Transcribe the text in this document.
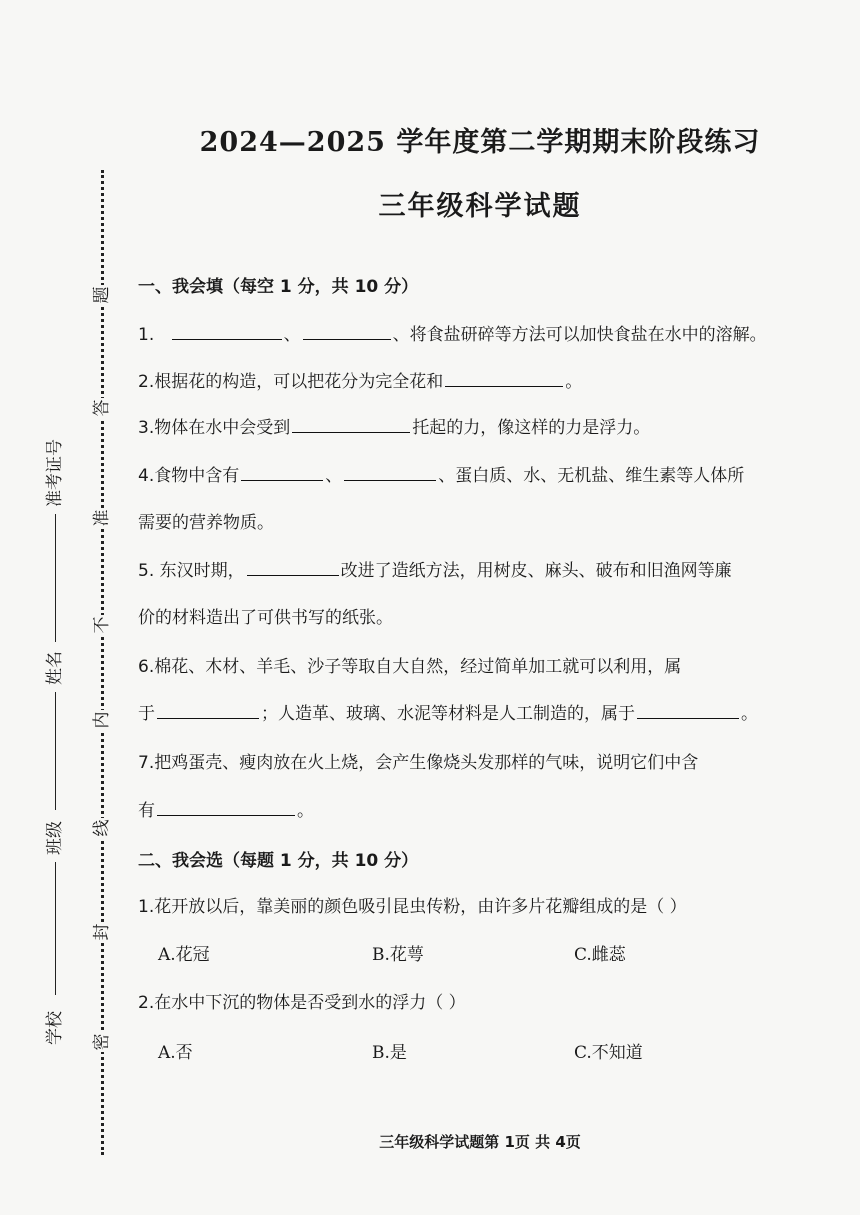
题
答
准
不
内
线
封
密
准考证号
姓名
班级
学校
2024—2025 学年度第二学期期末阶段练习
三年级科学试题
一、我会填（每空 1 分，共 10 分）
1.	、	、将食盐研碎等方法可以加快食盐在水中的溶解。
2.根据花的构造，可以把花分为完全花和	。
3.物体在水中会受到	托起的力，像这样的力是浮力。
4.食物中含有	、	、蛋白质、水、无机盐、维生素等人体所
需要的营养物质。
5. 东汉时期，	改进了造纸方法，用树皮、麻头、破布和旧渔网等廉
价的材料造出了可供书写的纸张。
6.棉花、木材、羊毛、沙子等取自大自然，经过简单加工就可以利用，属
于	；人造革、玻璃、水泥等材料是人工制造的，属于	。
7.把鸡蛋壳、瘦肉放在火上烧，会产生像烧头发那样的气味，说明它们中含
有	。
二、我会选（每题 1 分，共 10 分）
1.花开放以后，靠美丽的颜色吸引昆虫传粉，由许多片花瓣组成的是（ ）
A.花冠	B.花萼	C.雌蕊
2.在水中下沉的物体是否受到水的浮力（ ）
A.否	B.是	C.不知道
三年级科学试题第 1页 共 4页
